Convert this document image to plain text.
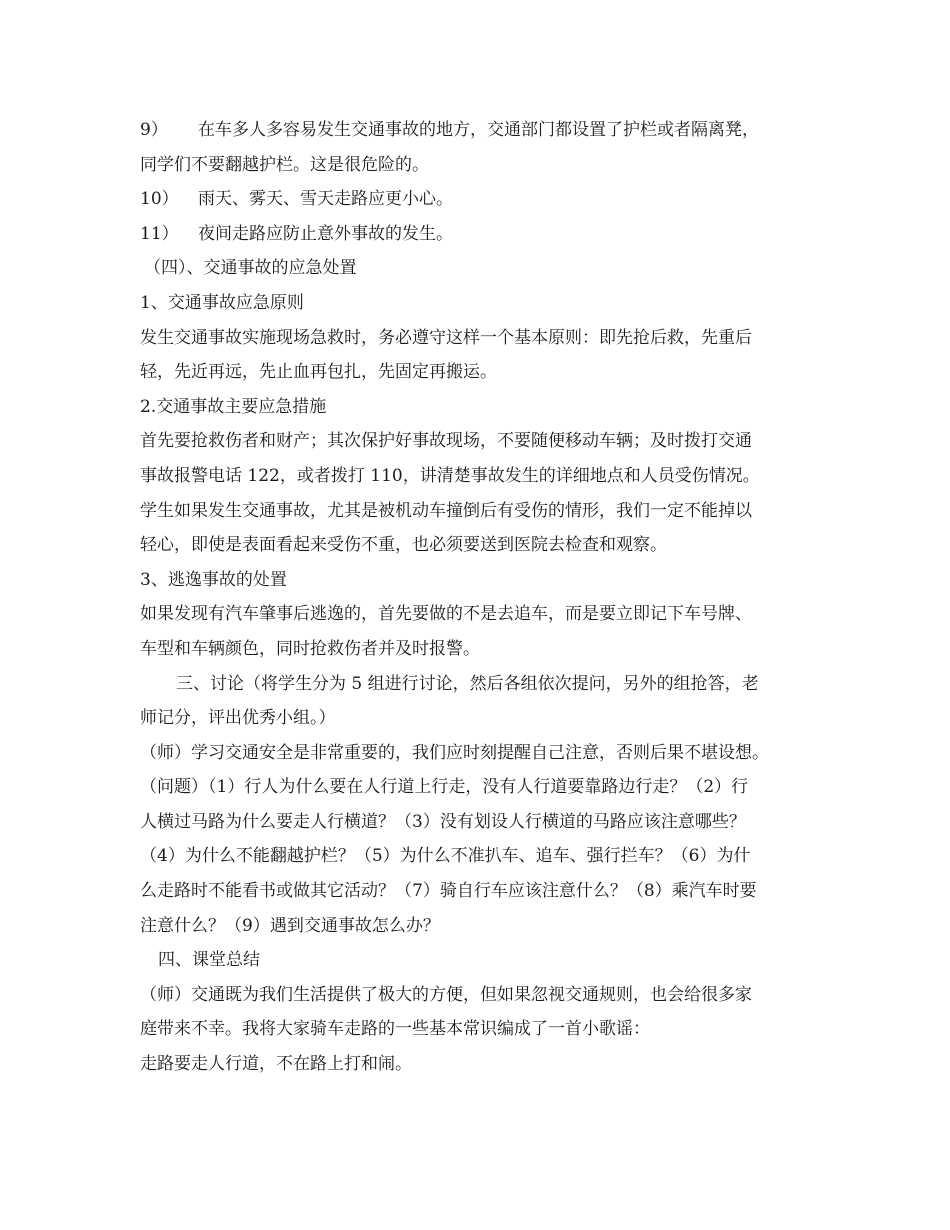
9） 在车多人多容易发生交通事故的地方，交通部门都设置了护栏或者隔离凳，
同学们不要翻越护栏。这是很危险的。
10） 雨天、雾天、雪天走路应更小心。
11） 夜间走路应防止意外事故的发生。
（四）、交通事故的应急处置
1、交通事故应急原则
发生交通事故实施现场急救时，务必遵守这样一个基本原则：即先抢后救，先重后
轻，先近再远，先止血再包扎，先固定再搬运。
2.交通事故主要应急措施
首先要抢救伤者和财产；其次保护好事故现场，不要随便移动车辆；及时拨打交通
事故报警电话 122，或者拨打 110，讲清楚事故发生的详细地点和人员受伤情况。
学生如果发生交通事故，尤其是被机动车撞倒后有受伤的情形，我们一定不能掉以
轻心，即使是表面看起来受伤不重，也必须要送到医院去检查和观察。
3、逃逸事故的处置
如果发现有汽车肇事后逃逸的，首先要做的不是去追车，而是要立即记下车号牌、
车型和车辆颜色，同时抢救伤者并及时报警。
三、讨论（将学生分为 5 组进行讨论，然后各组依次提问，另外的组抢答，老
师记分，评出优秀小组。）
（师）学习交通安全是非常重要的，我们应时刻提醒自己注意，否则后果不堪设想。
（问题）（1）行人为什么要在人行道上行走，没有人行道要靠路边行走？（2）行
人横过马路为什么要走人行横道？（3）没有划设人行横道的马路应该注意哪些？
（4）为什么不能翻越护栏？（5）为什么不准扒车、追车、强行拦车？（6）为什
么走路时不能看书或做其它活动？（7）骑自行车应该注意什么？（8）乘汽车时要
注意什么？（9）遇到交通事故怎么办？
四、课堂总结
（师）交通既为我们生活提供了极大的方便，但如果忽视交通规则，也会给很多家
庭带来不幸。我将大家骑车走路的一些基本常识编成了一首小歌谣：
走路要走人行道，不在路上打和闹。
